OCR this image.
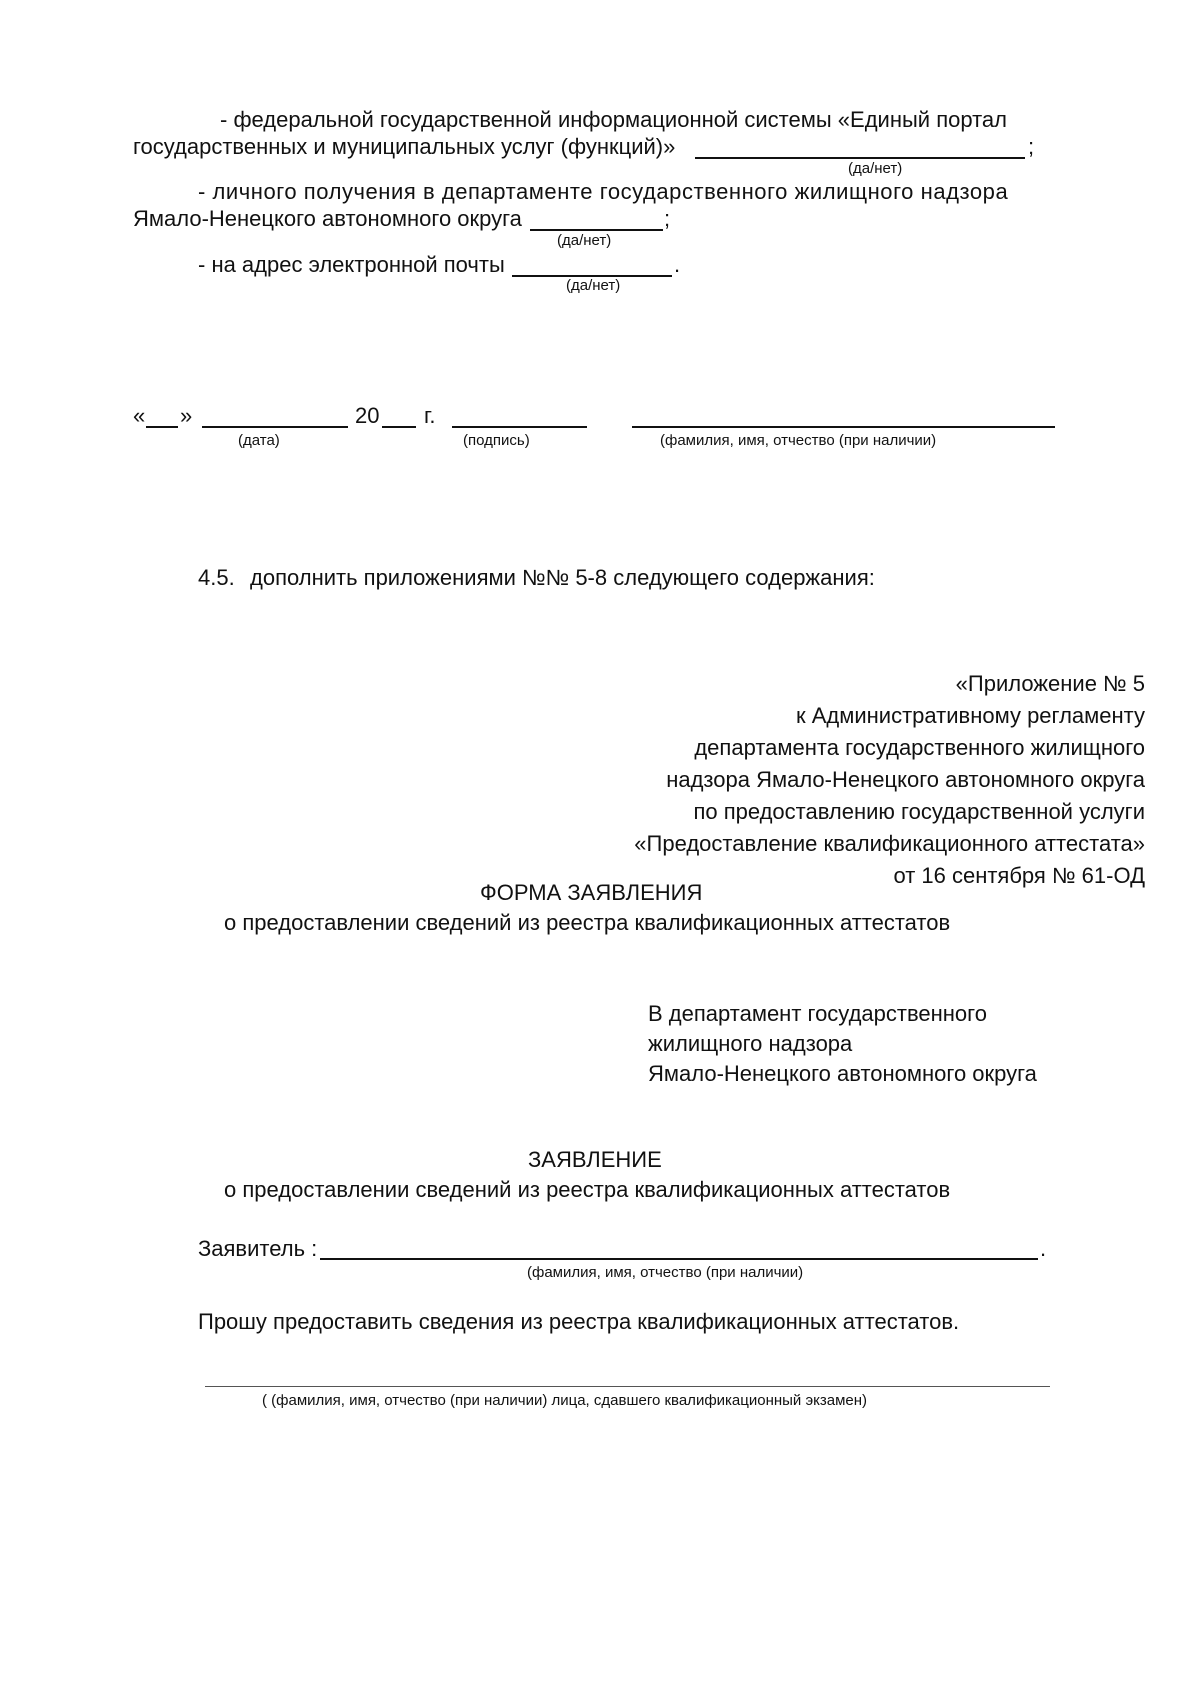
- федеральной государственной информационной системы «Единый портал
государственных и муниципальных услуг (функций)»	;
(да/нет)
- личного получения в департаменте государственного жилищного надзора
Ямало-Ненецкого автономного округа	;
(да/нет)
- на адрес электронной почты	.
(да/нет)
« »	20 г.
(дата)	(подпись)	(фамилия, имя, отчество (при наличии)
4.5. дополнить приложениями №№ 5-8 следующего содержания:
«Приложение № 5
к Административному регламенту
департамента государственного жилищного
надзора Ямало-Ненецкого автономного округа
по предоставлению государственной услуги
«Предоставление квалификационного аттестата»
от 16 сентября № 61-ОД
ФОРМА ЗАЯВЛЕНИЯ
о предоставлении сведений из реестра квалификационных аттестатов
В департамент государственного
жилищного надзора
Ямало-Ненецкого автономного округа
ЗАЯВЛЕНИЕ
о предоставлении сведений из реестра квалификационных аттестатов
Заявитель :	.
(фамилия, имя, отчество (при наличии)
Прошу предоставить сведения из реестра квалификационных аттестатов.
( (фамилия, имя, отчество (при наличии) лица, сдавшего квалификационный экзамен)
